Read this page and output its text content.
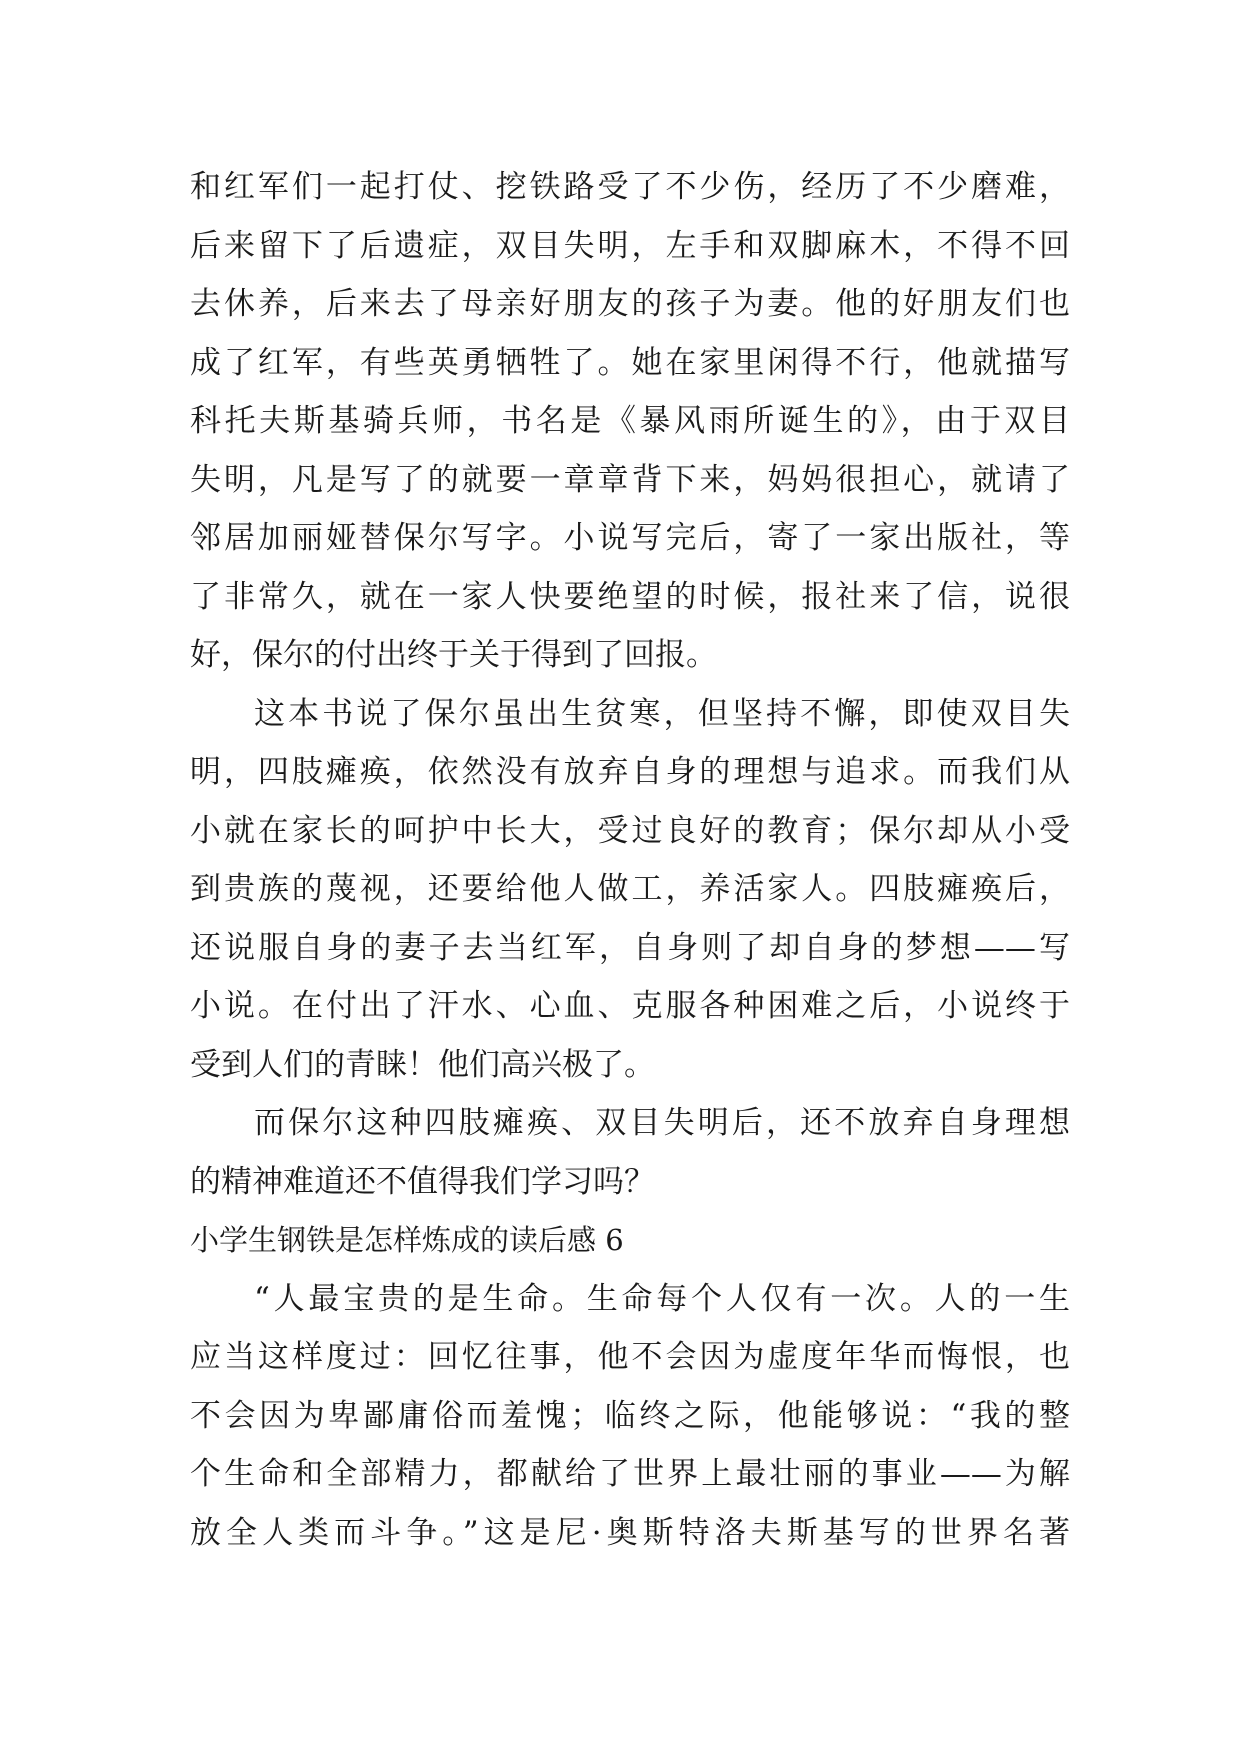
和红军们一起打仗、挖铁路受了不少伤，经历了不少磨难，
后来留下了后遗症，双目失明，左手和双脚麻木，不得不回
去休养，后来去了母亲好朋友的孩子为妻。他的好朋友们也
成了红军，有些英勇牺牲了。她在家里闲得不行，他就描写
科托夫斯基骑兵师，书名是《暴风雨所诞生的》，由于双目
失明，凡是写了的就要一章章背下来，妈妈很担心，就请了
邻居加丽娅替保尔写字。小说写完后，寄了一家出版社，等
了非常久，就在一家人快要绝望的时候，报社来了信，说很
好，保尔的付出终于关于得到了回报。
这本书说了保尔虽出生贫寒，但坚持不懈，即使双目失
明，四肢瘫痪，依然没有放弃自身的理想与追求。而我们从
小就在家长的呵护中长大，受过良好的教育；保尔却从小受
到贵族的蔑视，还要给他人做工，养活家人。四肢瘫痪后，
还说服自身的妻子去当红军，自身则了却自身的梦想——写
小说。在付出了汗水、心血、克服各种困难之后，小说终于
受到人们的青睐！他们高兴极了。
而保尔这种四肢瘫痪、双目失明后，还不放弃自身理想
的精神难道还不值得我们学习吗？
小学生钢铁是怎样炼成的读后感 6
“人最宝贵的是生命。生命每个人仅有一次。人的一生
应当这样度过：回忆往事，他不会因为虚度年华而悔恨，也
不会因为卑鄙庸俗而羞愧；临终之际，他能够说：“我的整
个生命和全部精力，都献给了世界上最壮丽的事业——为解
放全人类而斗争。”这是尼·奥斯特洛夫斯基写的世界名著
